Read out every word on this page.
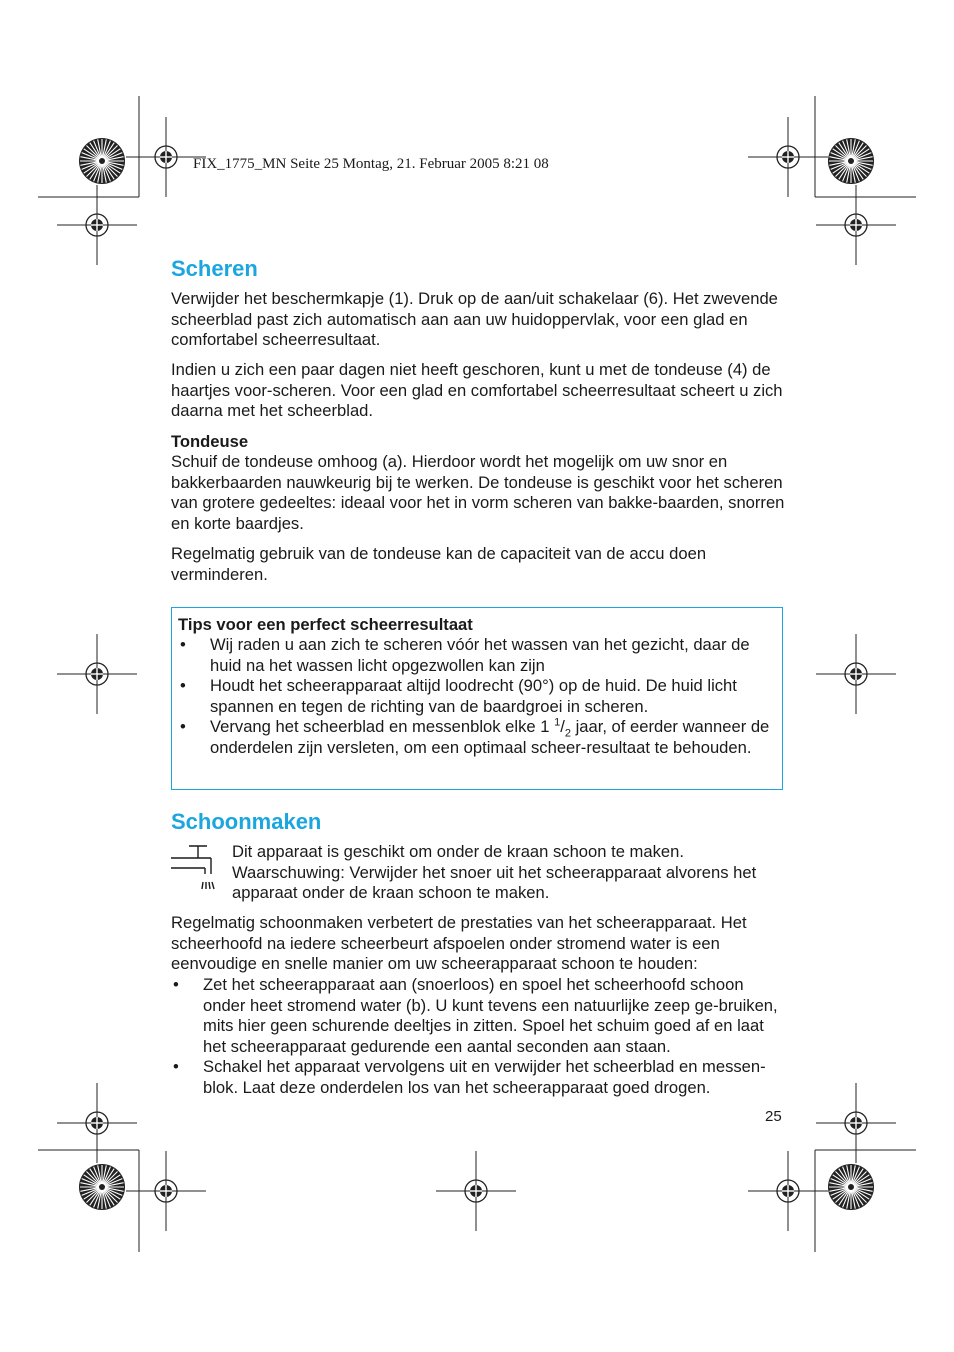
FIX_1775_MN Seite 25 Montag, 21. Februar 2005 8:21 08
Scheren

Verwijder het beschermkapje (1). Druk op de aan/uit schakelaar (6). Het zwevende scheerblad past zich automatisch aan aan uw huidoppervlak, voor een glad en comfortabel scheerresultaat.

Indien u zich een paar dagen niet heeft geschoren, kunt u met de tondeuse (4) de haartjes voor-scheren. Voor een glad en comfortabel scheerresultaat scheert u zich daarna met het scheerblad.

Tondeuse

Schuif de tondeuse omhoog (a). Hierdoor wordt het mogelijk om uw snor en bakkerbaarden nauwkeurig bij te werken. De tondeuse is geschikt voor het scheren van grotere gedeeltes: ideaal voor het in vorm scheren van bakke-baarden, snorren en korte baardjes.

Regelmatig gebruik van de tondeuse kan de capaciteit van de accu doen verminderen.

Tips voor een perfect scheerresultaat
• Wij raden u aan zich te scheren vóór het wassen van het gezicht, daar de huid na het wassen licht opgezwollen kan zijn
• Houdt het scheerapparaat altijd loodrecht (90°) op de huid. De huid licht spannen en tegen de richting van de baardgroei in scheren.
• Vervang het scheerblad en messenblok elke 1 $^1/_2$ jaar, of eerder wanneer de onderdelen zijn versleten, om een optimaal scheer-resultaat te behouden.
Schoonmaken

Dit apparaat is geschikt om onder de kraan schoon te maken. Waarschuwing: Verwijder het snoer uit het scheerapparaat alvorens het apparaat onder de kraan schoon te maken.

Regelmatig schoonmaken verbetert de prestaties van het scheerapparaat. Het scheerhoofd na iedere scheerbeurt afspoelen onder stromend water is een eenvoudige en snelle manier om uw scheerapparaat schoon te houden:

• Zet het scheerapparaat aan (snoerloos) en spoel het scheerhoofd schoon onder heet stromend water (b). U kunt tevens een natuurlijke zeep ge-bruiken, mits hier geen schurende deeltjes in zitten. Spoel het schuim goed af en laat het scheerapparaat gedurende een aantal seconden aan staan.
• Schakel het apparaat vervolgens uit en verwijder het scheerblad en messen-blok. Laat deze onderdelen los van het scheerapparaat goed drogen.
25
